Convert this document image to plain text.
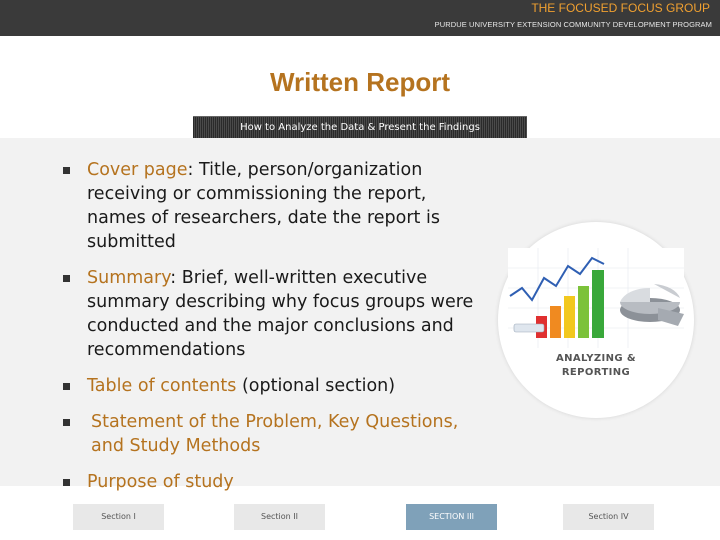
THE FOCUSED FOCUS GROUP
PURDUE UNIVERSITY EXTENSION COMMUNITY DEVELOPMENT PROGRAM
Written Report
How to Analyze the Data & Present the Findings
Cover page: Title, person/organization receiving or commissioning the report, names of researchers, date the report is submitted
Summary: Brief, well-written executive summary describing why focus groups were conducted and the major conclusions and recommendations
Table of contents (optional section)
Statement of the Problem, Key Questions, and Study Methods
Purpose of study
ANALYZING &
REPORTING
Section I	Section II	SECTION III	Section IV
